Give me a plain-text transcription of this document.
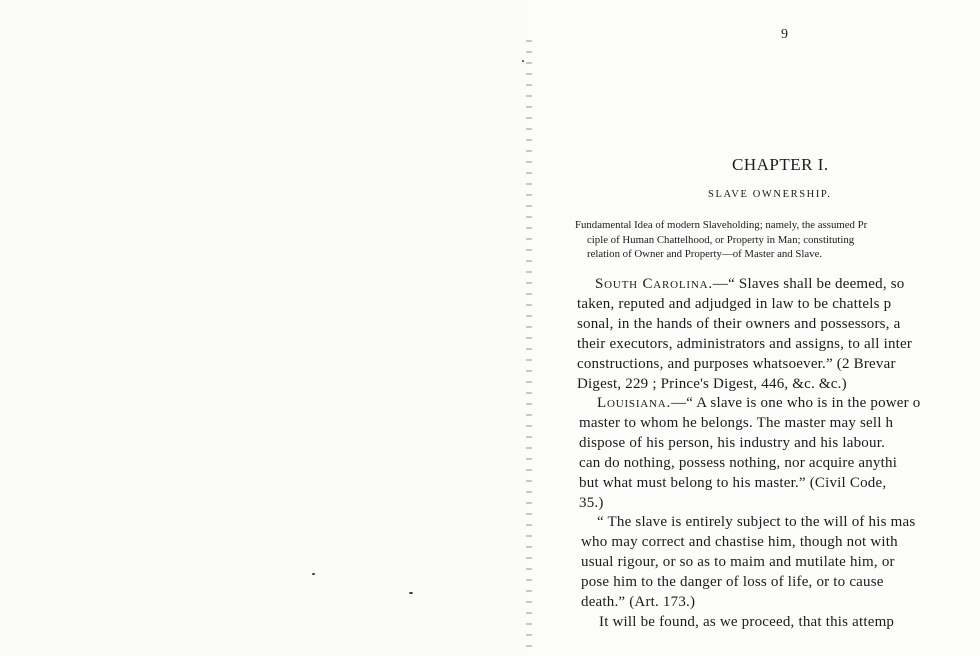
9
CHAPTER I.
SLAVE OWNERSHIP.
Fundamental Idea of modern Slaveholding; namely, the assumed Pr
ciple of Human Chattelhood, or Property in Man; constituting
relation of Owner and Property—of Master and Slave.
South Carolina.—“ Slaves shall be deemed, so
taken, reputed and adjudged in law to be chattels p
sonal, in the hands of their owners and possessors, a
their executors, administrators and assigns, to all inter
constructions, and purposes whatsoever.” (2 Brevar
Digest, 229 ; Prince's Digest, 446, &c. &c.)
Louisiana.—“ A slave is one who is in the power o
master to whom he belongs. The master may sell h
dispose of his person, his industry and his labour.
can do nothing, possess nothing, nor acquire anythi
but what must belong to his master.” (Civil Code,
35.)
“ The slave is entirely subject to the will of his mas
who may correct and chastise him, though not with
usual rigour, or so as to maim and mutilate him, or
pose him to the danger of loss of life, or to cause
death.” (Art. 173.)
It will be found, as we proceed, that this attemp
